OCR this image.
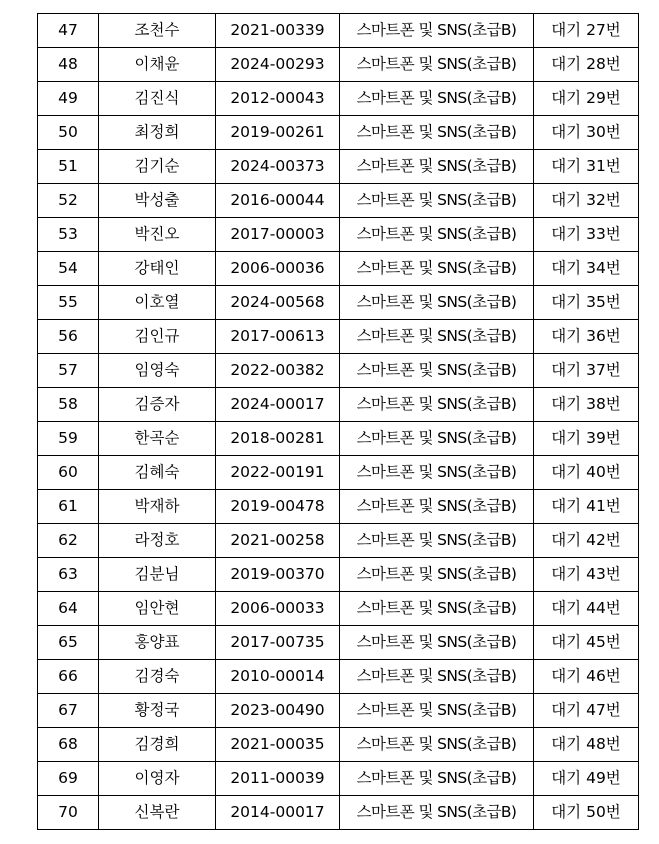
47	조천수	2021-00339	스마트폰 및 SNS(초급B)	대기 27번
48	이채윤	2024-00293	스마트폰 및 SNS(초급B)	대기 28번
49	김진식	2012-00043	스마트폰 및 SNS(초급B)	대기 29번
50	최정희	2019-00261	스마트폰 및 SNS(초급B)	대기 30번
51	김기순	2024-00373	스마트폰 및 SNS(초급B)	대기 31번
52	박성출	2016-00044	스마트폰 및 SNS(초급B)	대기 32번
53	박진오	2017-00003	스마트폰 및 SNS(초급B)	대기 33번
54	강태인	2006-00036	스마트폰 및 SNS(초급B)	대기 34번
55	이호열	2024-00568	스마트폰 및 SNS(초급B)	대기 35번
56	김인규	2017-00613	스마트폰 및 SNS(초급B)	대기 36번
57	임영숙	2022-00382	스마트폰 및 SNS(초급B)	대기 37번
58	김증자	2024-00017	스마트폰 및 SNS(초급B)	대기 38번
59	한곡순	2018-00281	스마트폰 및 SNS(초급B)	대기 39번
60	김혜숙	2022-00191	스마트폰 및 SNS(초급B)	대기 40번
61	박재하	2019-00478	스마트폰 및 SNS(초급B)	대기 41번
62	라정호	2021-00258	스마트폰 및 SNS(초급B)	대기 42번
63	김분님	2019-00370	스마트폰 및 SNS(초급B)	대기 43번
64	임안현	2006-00033	스마트폰 및 SNS(초급B)	대기 44번
65	홍양표	2017-00735	스마트폰 및 SNS(초급B)	대기 45번
66	김경숙	2010-00014	스마트폰 및 SNS(초급B)	대기 46번
67	황정국	2023-00490	스마트폰 및 SNS(초급B)	대기 47번
68	김경희	2021-00035	스마트폰 및 SNS(초급B)	대기 48번
69	이영자	2011-00039	스마트폰 및 SNS(초급B)	대기 49번
70	신복란	2014-00017	스마트폰 및 SNS(초급B)	대기 50번
